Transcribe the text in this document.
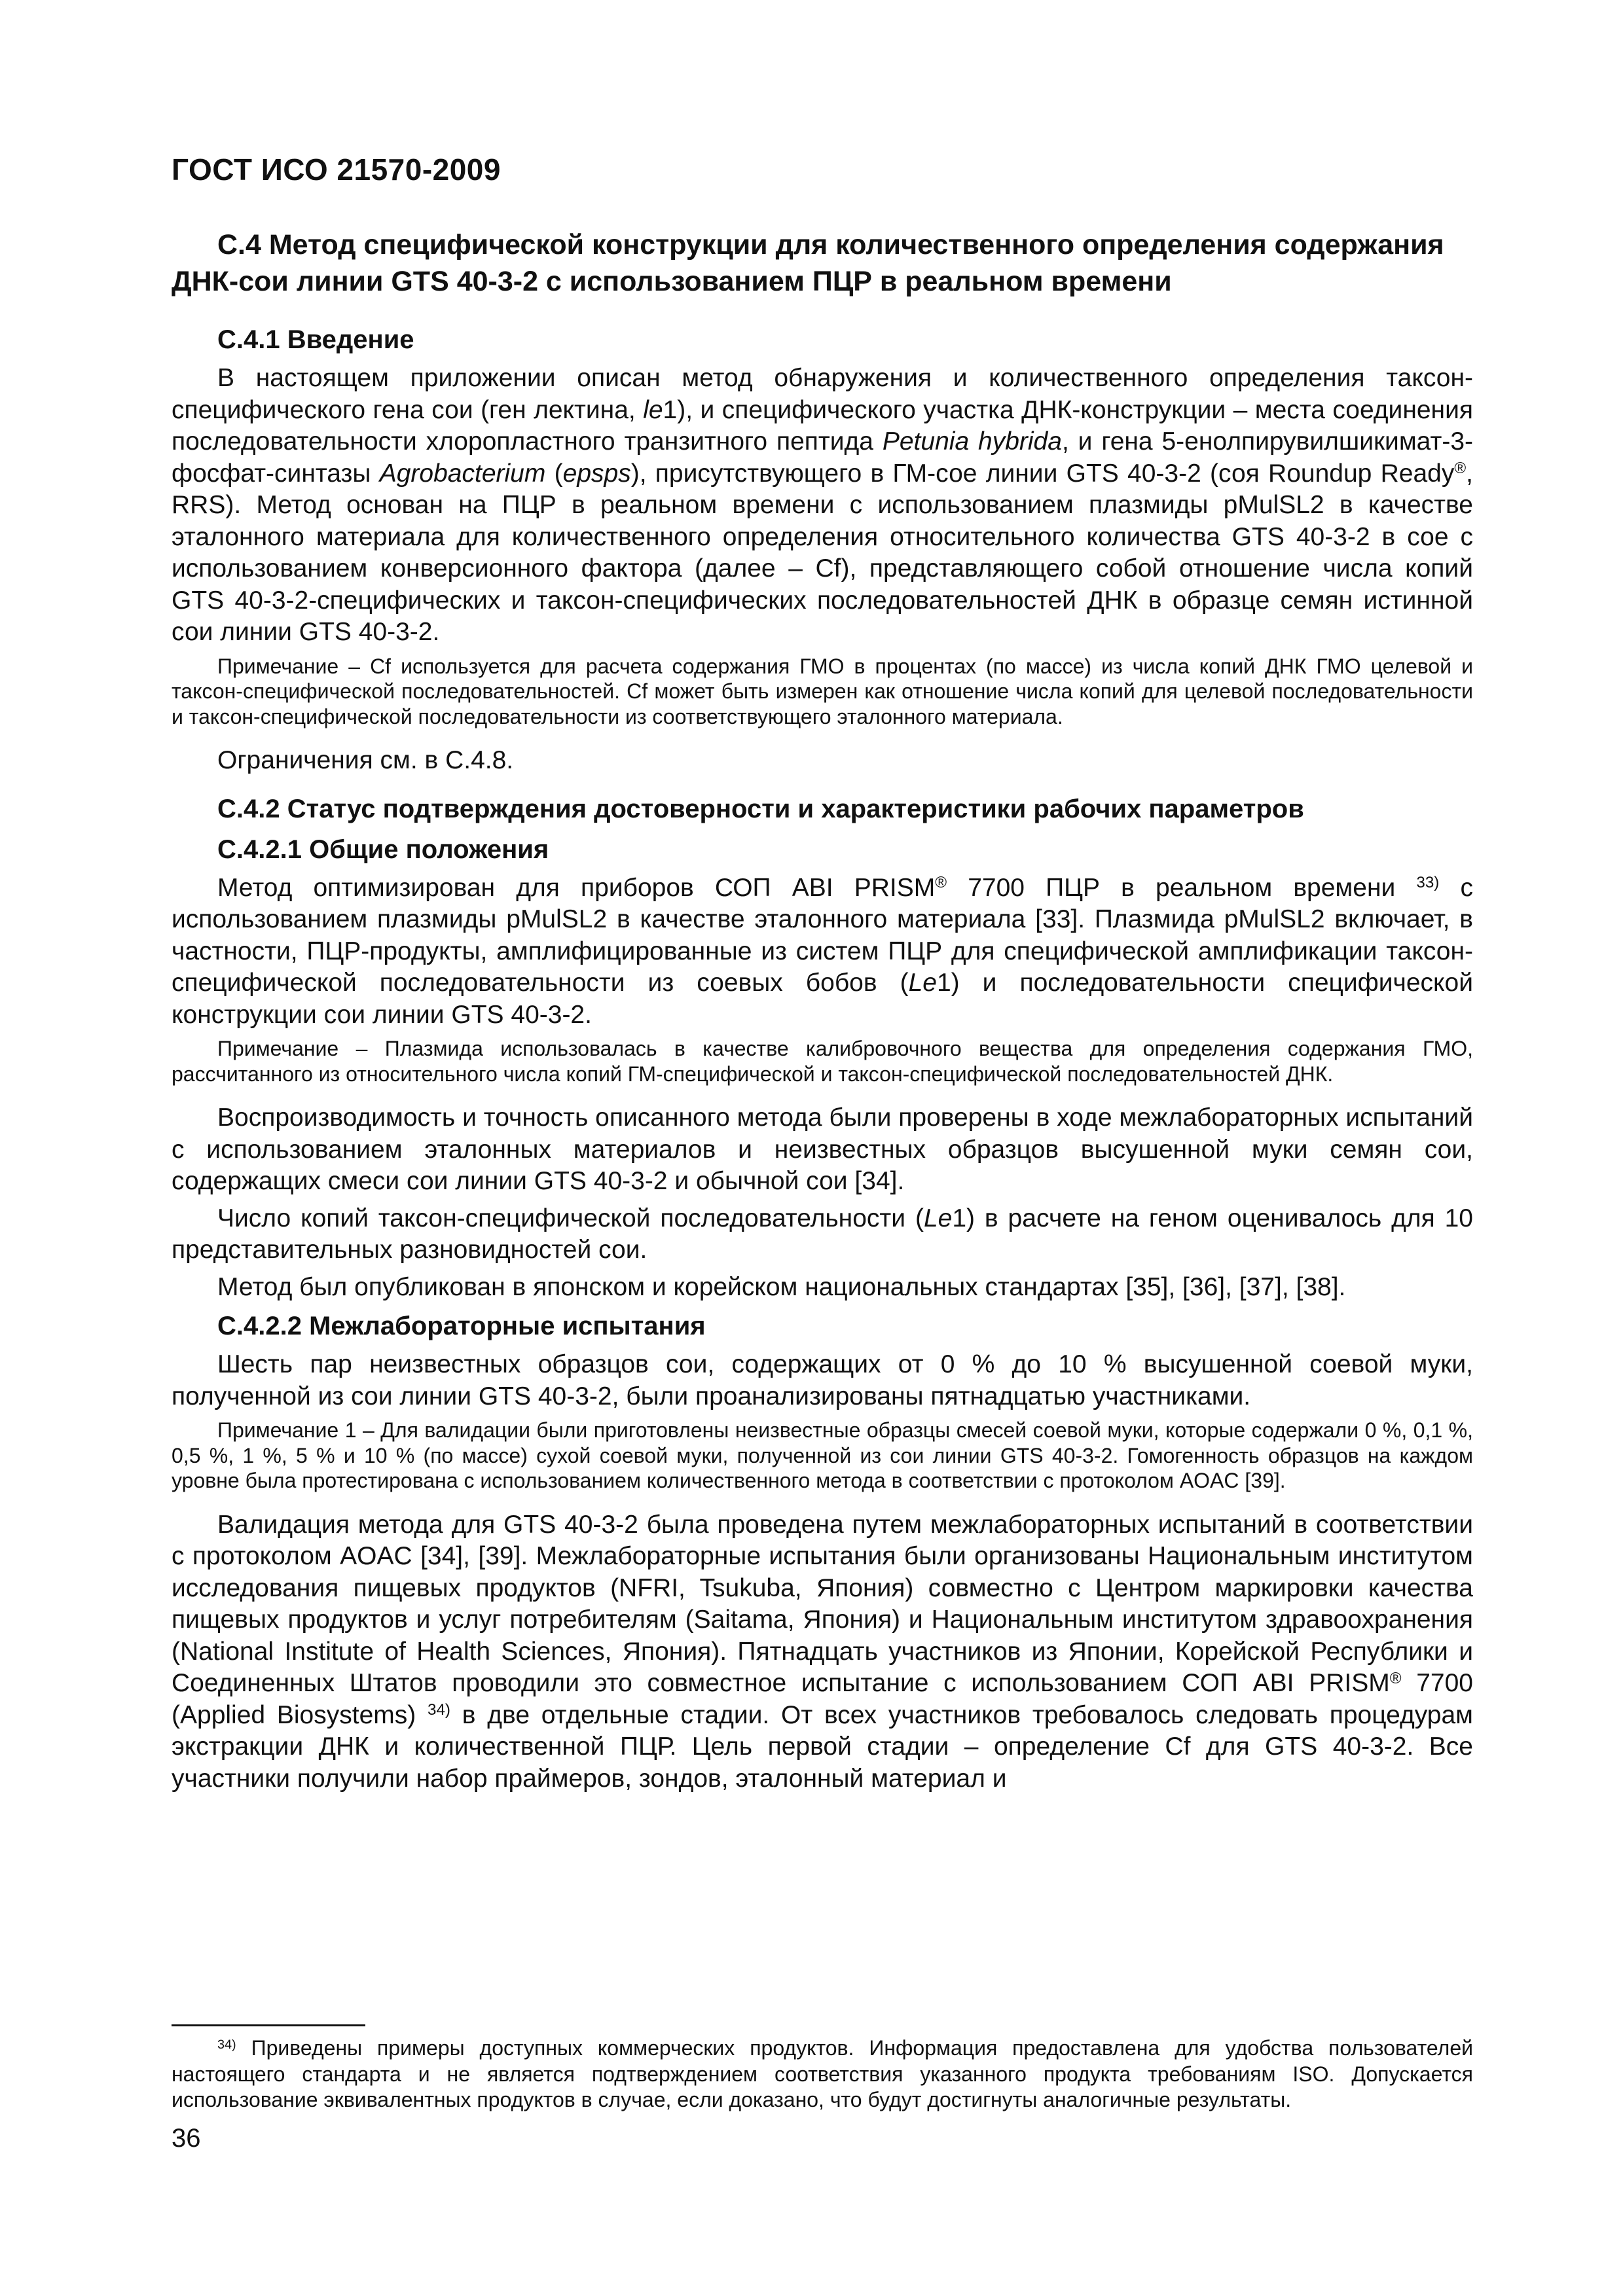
ГОСТ ИСО 21570-2009
С.4 Метод специфической конструкции для количественного определения содержания ДНК-сои линии GTS 40-3-2 с использованием ПЦР в реальном времени
С.4.1 Введение

В настоящем приложении описан метод обнаружения и количественного определения таксон-специфического гена сои (ген лектина, le1), и специфического участка ДНК-конструкции – места соединения последовательности хлоропластного транзитного пептида Petunia hybrida, и гена 5-енолпирувилшикимат-3-фосфат-синтазы Agrobacterium (epsps), присутствующего в ГМ-сое линии GTS 40-3-2 (соя Roundup Ready®, RRS). Метод основан на ПЦР в реальном времени с использованием плазмиды pMulSL2 в качестве эталонного материала для количественного определения относительного количества GTS 40-3-2 в сое с использованием конверсионного фактора (далее – Cf), представляющего собой отношение числа копий GTS 40-3-2-специфических и таксон-специфических последовательностей ДНК в образце семян истинной сои линии GTS 40-3-2.

Примечание – Cf используется для расчета содержания ГМО в процентах (по массе) из числа копий ДНК ГМО целевой и таксон-специфической последовательностей. Cf может быть измерен как отношение числа копий для целевой последовательности и таксон-специфической последовательности из соответствующего эталонного материала.

Ограничения см. в С.4.8.

С.4.2 Статус подтверждения достоверности и характеристики рабочих параметров
С.4.2.1 Общие положения

Метод оптимизирован для приборов СОП ABI PRISM® 7700 ПЦР в реальном времени $^{33)}$ с использованием плазмиды pMulSL2 в качестве эталонного материала [33]. Плазмида pMulSL2 включает, в частности, ПЦР-продукты, амплифицированные из систем ПЦР для специфической амплификации таксон-специфической последовательности из соевых бобов (Le1) и последовательности специфической конструкции сои линии GTS 40-3-2.

Примечание – Плазмида использовалась в качестве калибровочного вещества для определения содержания ГМО, рассчитанного из относительного числа копий ГМ-специфической и таксон-специфической последовательностей ДНК.

Воспроизводимость и точность описанного метода были проверены в ходе межлабораторных испытаний с использованием эталонных материалов и неизвестных образцов высушенной муки семян сои, содержащих смеси сои линии GTS 40-3-2 и обычной сои [34].

Число копий таксон-специфической последовательности (Le1) в расчете на геном оценивалось для 10 представительных разновидностей сои.

Метод был опубликован в японском и корейском национальных стандартах [35], [36], [37], [38].

С.4.2.2 Межлабораторные испытания

Шесть пар неизвестных образцов сои, содержащих от 0 % до 10 % высушенной соевой муки, полученной из сои линии GTS 40-3-2, были проанализированы пятнадцатью участниками.

Примечание 1 – Для валидации были приготовлены неизвестные образцы смесей соевой муки, которые содержали 0 %, 0,1 %, 0,5 %, 1 %, 5 % и 10 % (по массе) сухой соевой муки, полученной из сои линии GTS 40-3-2. Гомогенность образцов на каждом уровне была протестирована с использованием количественного метода в соответствии с протоколом AOAC [39].

Валидация метода для GTS 40-3-2 была проведена путем межлабораторных испытаний в соответствии с протоколом AOAC [34], [39]. Межлабораторные испытания были организованы Национальным институтом исследования пищевых продуктов (NFRI, Tsukuba, Япония) совместно с Центром маркировки качества пищевых продуктов и услуг потребителям (Saitama, Япония) и Национальным институтом здравоохранения (National Institute of Health Sciences, Япония). Пятнадцать участников из Японии, Корейской Республики и Соединенных Штатов проводили это совместное испытание с использованием СОП ABI PRISM® 7700 (Applied Biosystems) $^{34)}$ в две отдельные стадии. От всех участников требовалось следовать процедурам экстракции ДНК и количественной ПЦР. Цель первой стадии – определение Cf для GTS 40-3-2. Все участники получили набор праймеров, зондов, эталонный материал и

$^{34)}$ Приведены примеры доступных коммерческих продуктов. Информация предоставлена для удобства пользователей настоящего стандарта и не является подтверждением соответствия указанного продукта требованиям ISO. Допускается использование эквивалентных продуктов в случае, если доказано, что будут достигнуты аналогичные результаты.
36
